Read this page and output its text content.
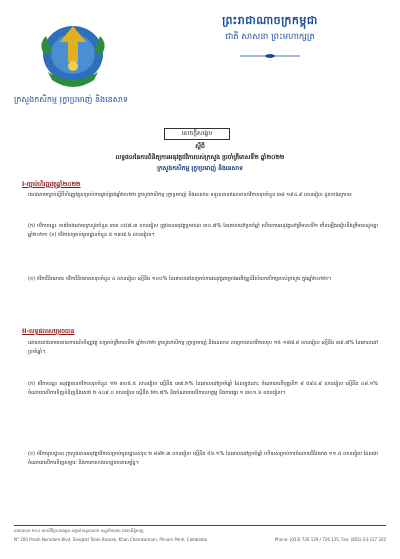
ព្រះរាជាណាចក្រកម្ពុជា
ជាតិ សាសនា ព្រះមហាក្សត្រ
ក្រសួងកសិកម្ម រុក្ខាប្រមាញ់ និងនេសាទ
សេចក្តីសង្ខេប
ស្តីពី
លទ្ធផលនៃការពិនិត្យការអនុវត្តថវិការបស់ក្រសួង ប្រចាំត្រីមាសទី២ ឆ្នាំ២០២២
ក្រសួងកសិកម្ម រុក្ខាប្រមាញ់ និងនេសាទ
I-ច្បាប់ហិរញ្ញវត្ថុឆ្នាំ២០២២
យោងតាមច្បាប់ស្តីពីហិរញ្ញវត្ថុសម្រាប់ការគ្រប់គ្រងឆ្នាំ២០២២ ក្រសួងកសិកម្ម រុក្ខាប្រមាញ់ និងនេសាទ ទទួលបានឥណទានថវិកាសរុបចំនួន ៣៨ ១៩៤.៩ លានរៀល ដូចខាងក្រោម៖
(ក) ថវិកាចរន្ត៖ ចាត់ចែងដោយក្រសួងចំនួន ៣៣ ០៥៧.៣ លានរៀល ត្រូវបានអនុវត្តប្រមាណ ៣០.៧% នៃគោលដៅប្រចាំឆ្នាំ ហើយការអនុវត្តនៅត្រីមាសទី២ កើនឡើងធៀបនឹងត្រីមាសដូចគ្នាឆ្នាំ២០២១ (ខ) ថវិកាសម្រាប់មូលដ្ឋានចំនួន ៥ ១៣៧.៦ លានរៀល។
(ខ) ថវិកាវិនិយោគ៖ ថវិកាវិនិយោគសរុបចំនួន ៤ លានរៀល ស្មើនឹង ១០០% នៃគោលដៅសម្រាប់ការអនុវត្តគម្រោងអភិវឌ្ឍន៍វិស័យកសិកម្មរបស់ក្រសួង ក្នុងឆ្នាំ២០២២។
II-លទ្ធផលសម្រេចបាន
ដោយយោងតាមរបាយការណ៍ហិរញ្ញវត្ថុ សម្រាប់ត្រីមាសទី២ ឆ្នាំ២០២២ ក្រសួងកសិកម្ម រុក្ខាប្រមាញ់ និងនេសាទ សម្រេចបានថវិកាសរុប ១៥ ១៨៧.៨ លានរៀល ស្មើនឹង ៣៩.៧% នៃគោលដៅប្រចាំឆ្នាំ។
(ក) ថវិកាចរន្ត៖ អនុវត្តបានថវិកាសរុបចំនួន ១២ ៣០៥.៥ លានរៀល ស្មើនឹង ៣៧.២% នៃគោលដៅប្រចាំឆ្នាំ ដែលក្នុងនោះ ចំណាយលើបុគ្គលិក ៨ ៥៩៤.៩ លានរៀល ស្មើនឹង ៤៨.១% ចំណាយលើការទិញទំនិញនិងសេវា ២ ៤០៩.០ លានរៀល ស្មើនឹង ២២.៧% និងចំណាយលើការឧបត្ថម្ភ និងការផ្ទេរ ១ ៣០១.៦ លានរៀល។
(ខ) ថវិកាមូលដ្ឋាន៖ ក្រសួងបានអនុវត្តថវិកាសម្រាប់មូលដ្ឋានសរុប ២ ៨៨២.៣ លានរៀល ស្មើនឹង ៥៦.១% នៃគោលដៅប្រចាំឆ្នាំ ហើយសម្រាប់ការចំណាយវិនិយោគ ១១.៥ លានរៀល ដែលជាចំណាយលើការទិញសម្ភារៈ និងការកសាងហេដ្ឋារចនាសម្ព័ន្ធ។
អាគារលេខ ២០០ មហាវិថីព្រះនរោត្តម សង្កាត់ទន្លេបាសាក់ ខណ្ឌចំការមន រាជធានីភ្នំពេញ
N° 200 Preah Norodom Blvd, Sangkat Tonle Bassak, Khan Chamkarmon, Phnom Penh, Cambodia	Phone: (023) 726 129 / 726 125, Fax: (855)-23-217 320
